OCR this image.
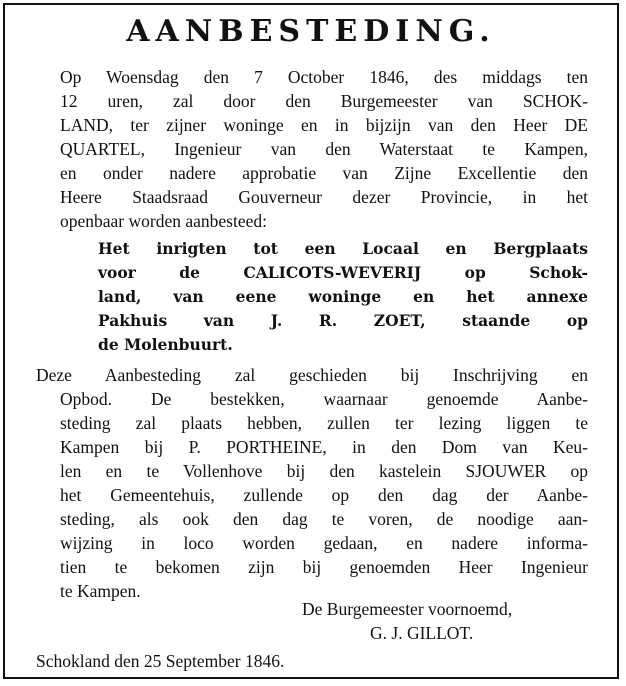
AANBESTEDING.
Op Woensdag den 7 October 1846, des middags ten
12 uren, zal door den Burgemeester van SCHOK-
LAND, ter zijner woninge en in bijzijn van den Heer DE
QUARTEL, Ingenieur van den Waterstaat te Kampen,
en onder nadere approbatie van Zijne Excellentie den
Heere Staadsraad Gouverneur dezer Provincie, in het
openbaar worden aanbesteed:
Het inrigten tot een Locaal en Bergplaats
voor de CALICOTS-WEVERIJ op Schok-
land, van eene woninge en het annexe
Pakhuis van J. R. ZOET, staande op
de Molenbuurt.
Deze Aanbesteding zal geschieden bij Inschrijving en
Opbod. De bestekken, waarnaar genoemde Aanbe-
steding zal plaats hebben, zullen ter lezing liggen te
Kampen bij P. PORTHEINE, in den Dom van Keu-
len en te Vollenhove bij den kastelein SJOUWER op
het Gemeentehuis, zullende op den dag der Aanbe-
steding, als ook den dag te voren, de noodige aan-
wijzing in loco worden gedaan, en nadere informa-
tien te bekomen zijn bij genoemden Heer Ingenieur
te Kampen.
De Burgemeester voornoemd,
G. J. GILLOT.
Schokland den 25 September 1846.
